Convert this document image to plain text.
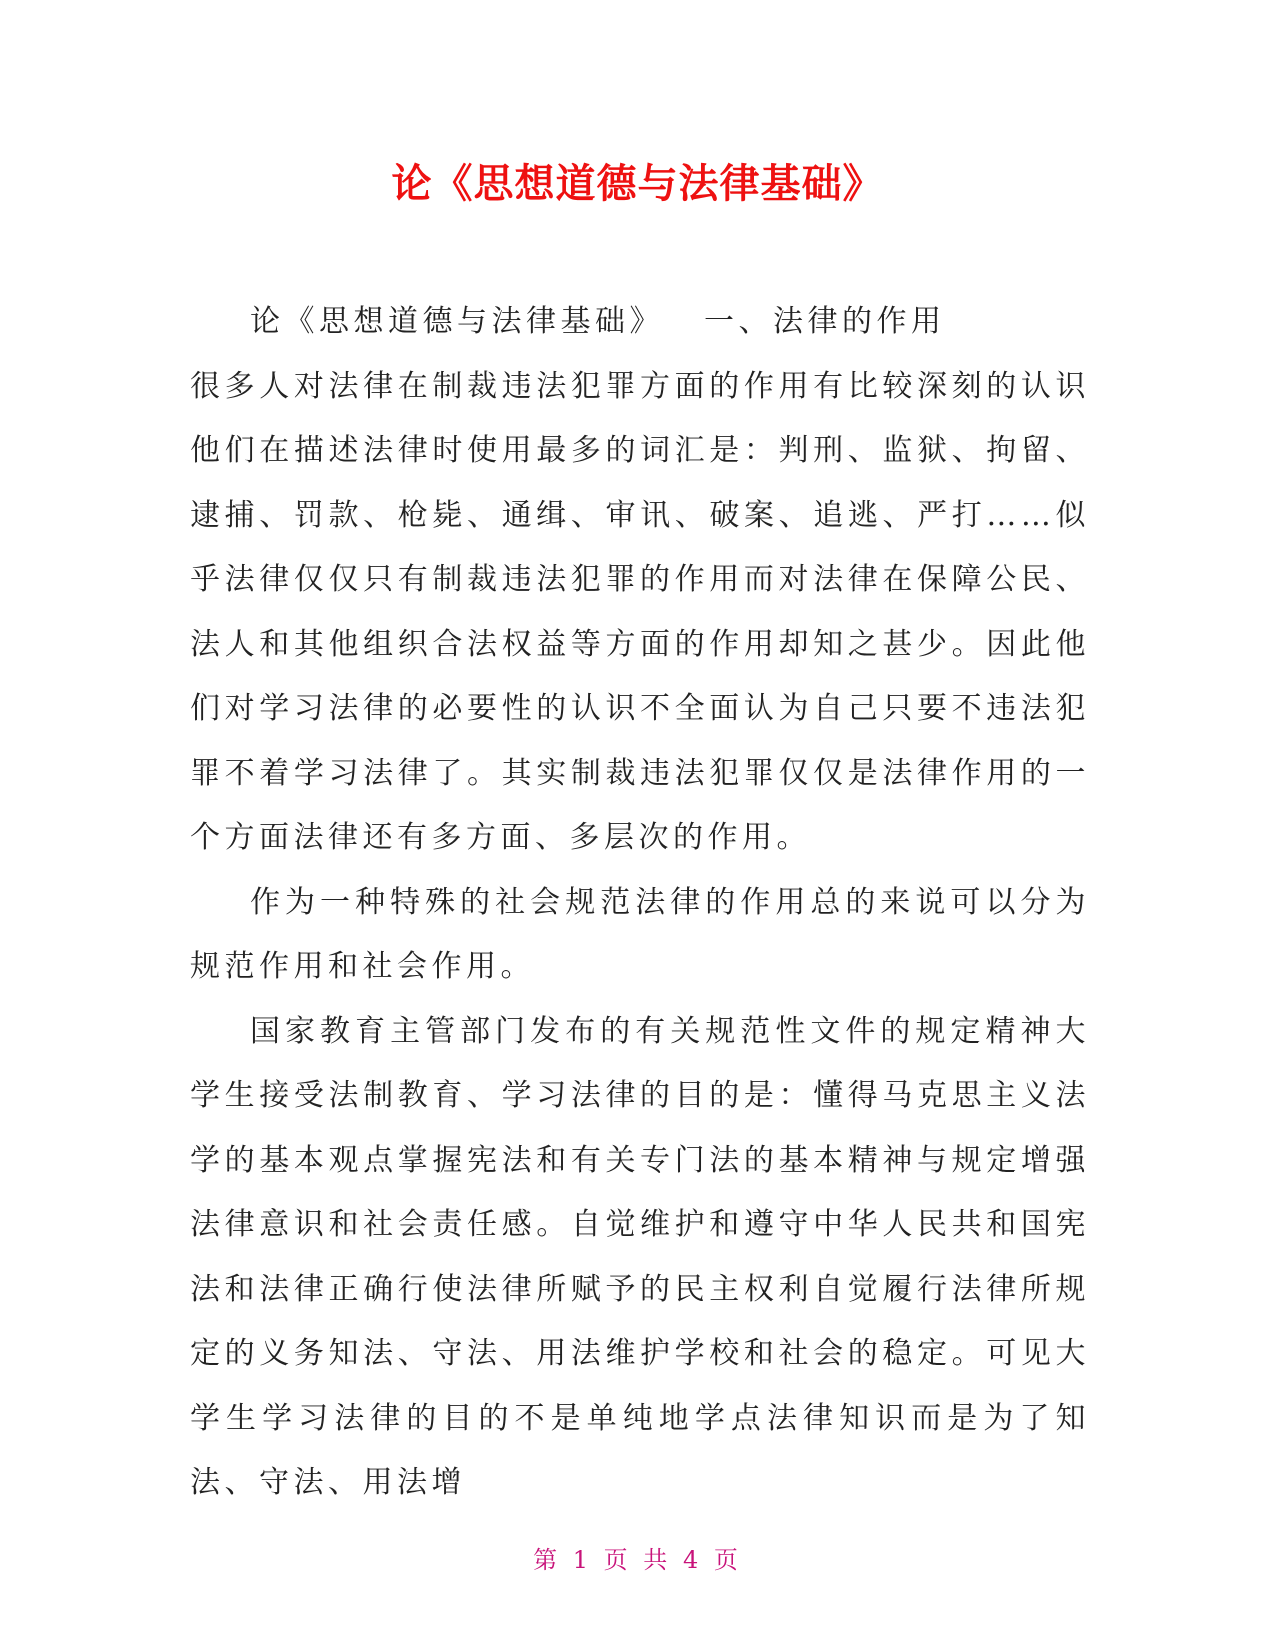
论《思想道德与法律基础》

论《思想道德与法律基础》 一、法律的作用

很多人对法律在制裁违法犯罪方面的作用有比较深刻的认识他们在描述法律时使用最多的词汇是：判刑、监狱、拘留、逮捕、罚款、枪毙、通缉、审讯、破案、追逃、严打……似乎法律仅仅只有制裁违法犯罪的作用而对法律在保障公民、法人和其他组织合法权益等方面的作用却知之甚少。因此他们对学习法律的必要性的认识不全面认为自己只要不违法犯罪不着学习法律了。其实制裁违法犯罪仅仅是法律作用的一个方面法律还有多方面、多层次的作用。

作为一种特殊的社会规范法律的作用总的来说可以分为规范作用和社会作用。

国家教育主管部门发布的有关规范性文件的规定精神大学生接受法制教育、学习法律的目的是：懂得马克思主义法学的基本观点掌握宪法和有关专门法的基本精神与规定增强法律意识和社会责任感。自觉维护和遵守中华人民共和国宪法和法律正确行使法律所赋予的民主权利自觉履行法律所规定的义务知法、守法、用法维护学校和社会的稳定。可见大学生学习法律的目的不是单纯地学点法律知识而是为了知法、守法、用法增

第 1 页 共 4 页
